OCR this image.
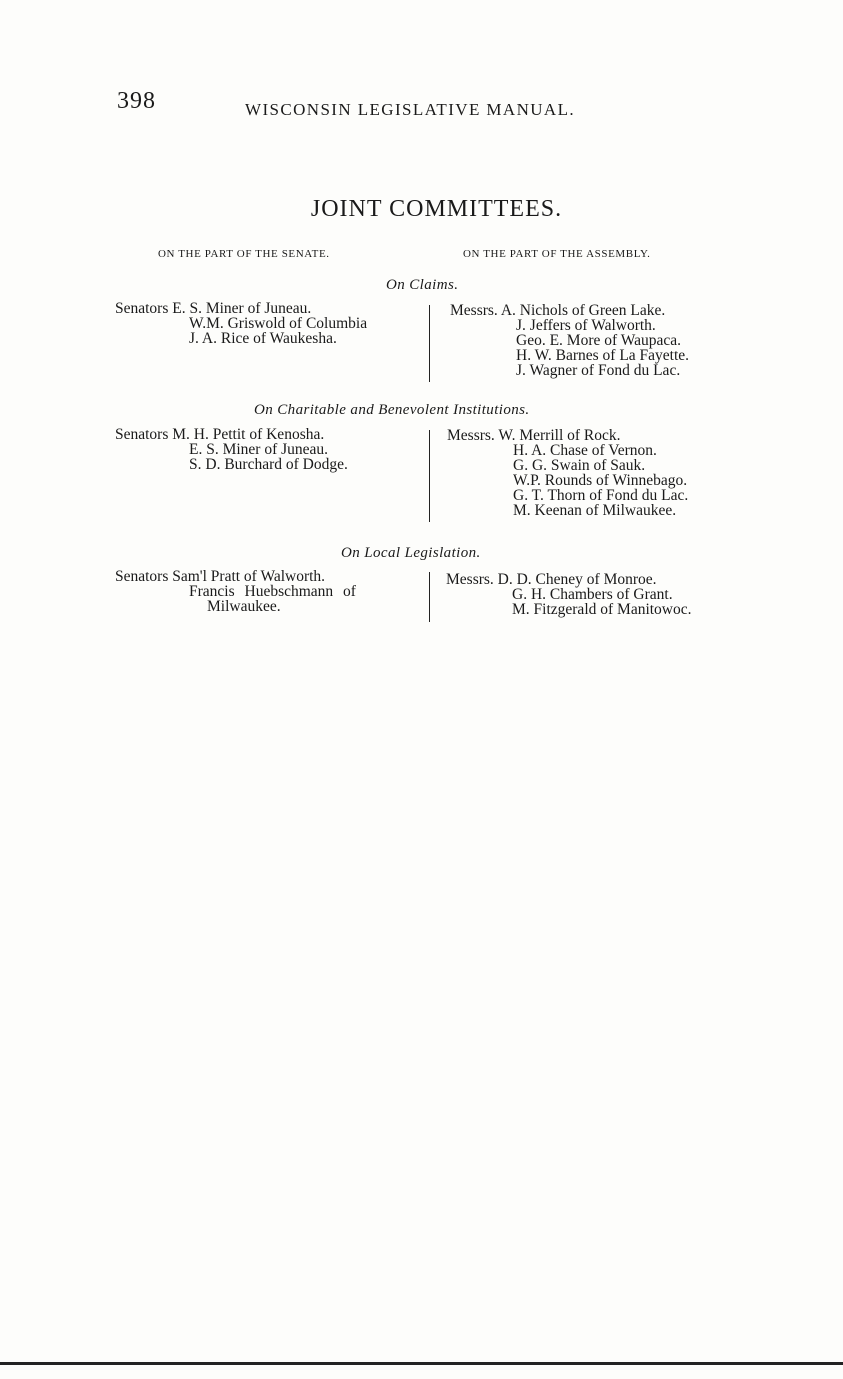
398	WISCONSIN LEGISLATIVE MANUAL.
JOINT COMMITTEES.
ON THE PART OF THE SENATE.	ON THE PART OF THE ASSEMBLY.
On Claims.
Senators E. S. Miner of Juneau.
W.M. Griswold of Columbia
J. A. Rice of Waukesha.
Messrs. A. Nichols of Green Lake.
J. Jeffers of Walworth.
Geo. E. More of Waupaca.
H. W. Barnes of La Fayette.
J. Wagner of Fond du Lac.
On Charitable and Benevolent Institutions.
Senators M. H. Pettit of Kenosha.
E. S. Miner of Juneau.
S. D. Burchard of Dodge.
Messrs. W. Merrill of Rock.
H. A. Chase of Vernon.
G. G. Swain of Sauk.
W.P. Rounds of Winnebago.
G. T. Thorn of Fond du Lac.
M. Keenan of Milwaukee.
On Local Legislation.
Senators Sam'l Pratt of Walworth.
Francis Huebschmann of
Milwaukee.
Messrs. D. D. Cheney of Monroe.
G. H. Chambers of Grant.
M. Fitzgerald of Manitowoc.
